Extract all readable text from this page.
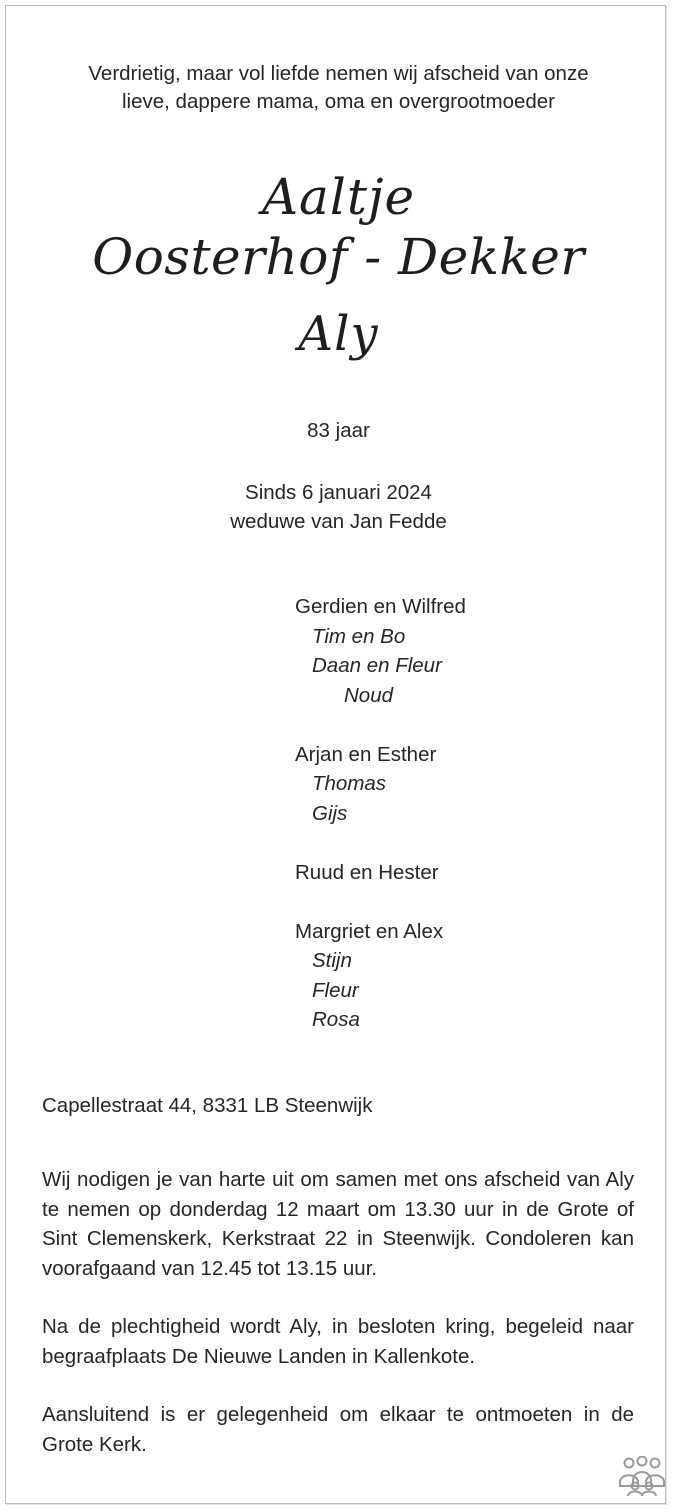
Verdrietig, maar vol liefde nemen wij afscheid van onze
lieve, dappere mama, oma en overgrootmoeder
Aaltje
Oosterhof - Dekker
Aly
83 jaar
Sinds 6 januari 2024
weduwe van Jan Fedde
Gerdien en Wilfred
Tim en Bo
Daan en Fleur
Noud
Arjan en Esther
Thomas
Gijs
Ruud en Hester
Margriet en Alex
Stijn
Fleur
Rosa
Capellestraat 44, 8331 LB Steenwijk
Wij nodigen je van harte uit om samen met ons afscheid van Aly te nemen op donderdag 12 maart om 13.30 uur in de Grote of Sint Clemenskerk, Kerkstraat 22 in Steenwijk. Condoleren kan voorafgaand van 12.45 tot 13.15 uur.
Na de plechtigheid wordt Aly, in besloten kring, begeleid naar begraafplaats De Nieuwe Landen in Kallenkote.
Aansluitend is er gelegenheid om elkaar te ontmoeten in de Grote Kerk.
